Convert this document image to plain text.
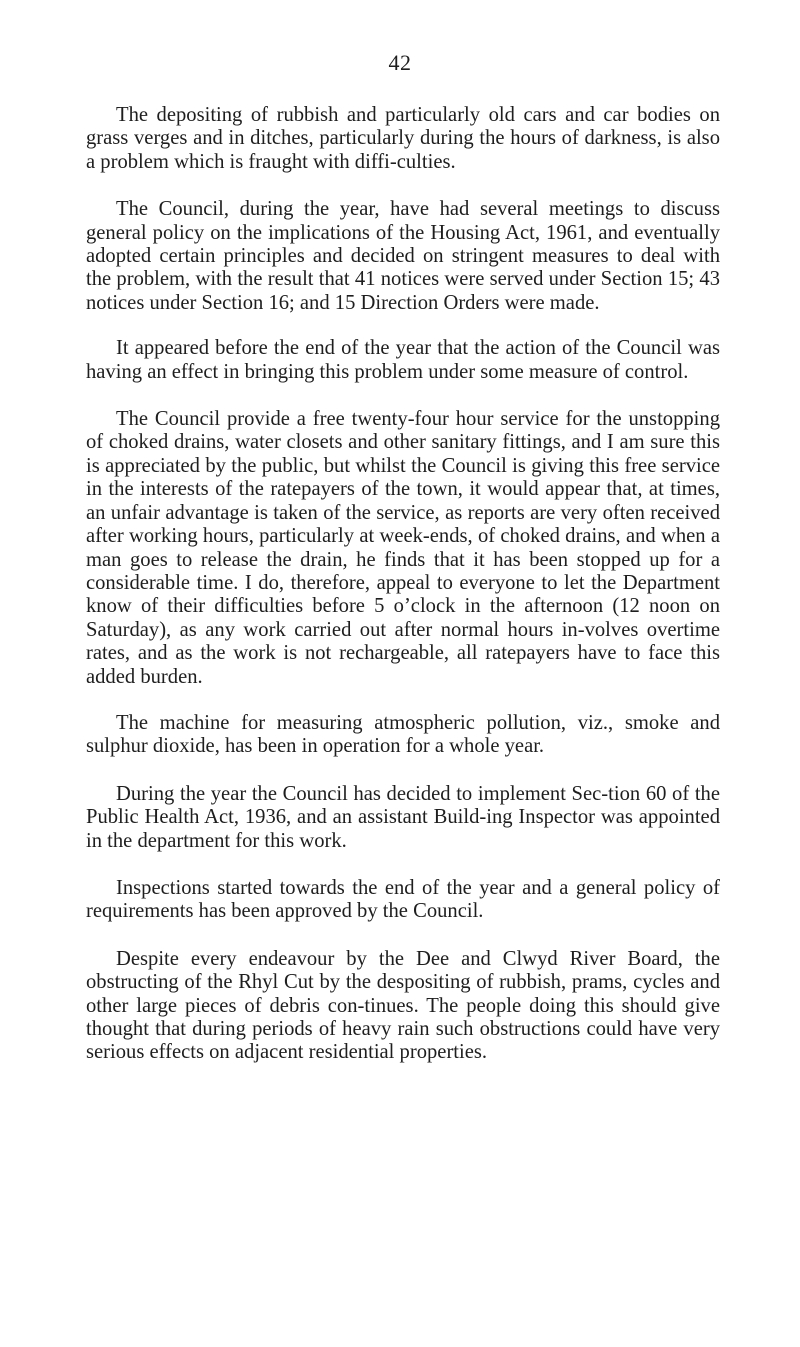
42

The depositing of rubbish and particularly old cars and car bodies on grass verges and in ditches, particularly during the hours of darkness, is also a problem which is fraught with diffi-culties.

The Council, during the year, have had several meetings to discuss general policy on the implications of the Housing Act, 1961, and eventually adopted certain principles and decided on stringent measures to deal with the problem, with the result that 41 notices were served under Section 15; 43 notices under Section 16; and 15 Direction Orders were made.

It appeared before the end of the year that the action of the Council was having an effect in bringing this problem under some measure of control.

The Council provide a free twenty-four hour service for the unstopping of choked drains, water closets and other sanitary fittings, and I am sure this is appreciated by the public, but whilst the Council is giving this free service in the interests of the ratepayers of the town, it would appear that, at times, an unfair advantage is taken of the service, as reports are very often received after working hours, particularly at week-ends, of choked drains, and when a man goes to release the drain, he finds that it has been stopped up for a considerable time. I do, therefore, appeal to everyone to let the Department know of their difficulties before 5 o’clock in the afternoon (12 noon on Saturday), as any work carried out after normal hours in-volves overtime rates, and as the work is not rechargeable, all ratepayers have to face this added burden.

The machine for measuring atmospheric pollution, viz., smoke and sulphur dioxide, has been in operation for a whole year.

During the year the Council has decided to implement Sec-tion 60 of the Public Health Act, 1936, and an assistant Build-ing Inspector was appointed in the department for this work.

Inspections started towards the end of the year and a general policy of requirements has been approved by the Council.

Despite every endeavour by the Dee and Clwyd River Board, the obstructing of the Rhyl Cut by the despositing of rubbish, prams, cycles and other large pieces of debris con-tinues. The people doing this should give thought that during periods of heavy rain such obstructions could have very serious effects on adjacent residential properties.
